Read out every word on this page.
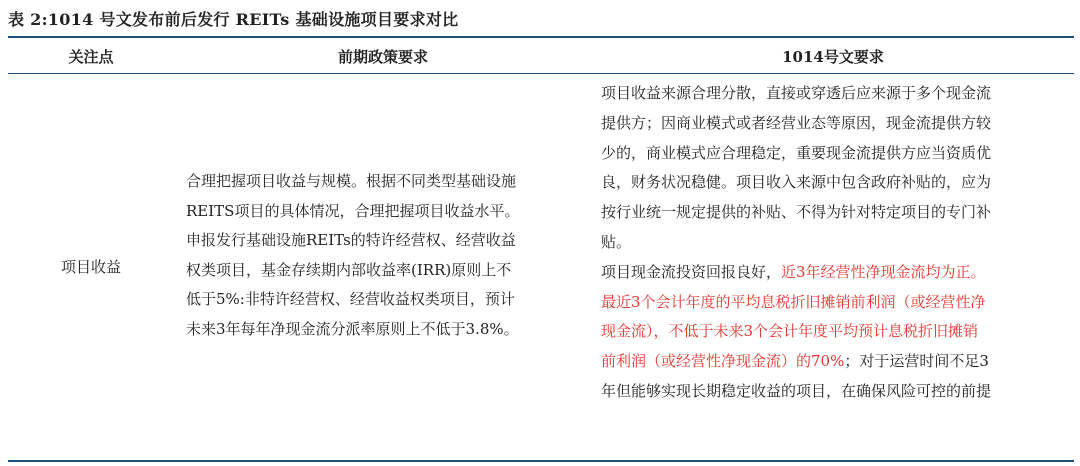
表 2:1014 号文发布前后发行 REITs 基础设施项目要求对比
关注点	前期政策要求	1014号文要求
项目收益
合理把握项目收益与规模。根据不同类型基础设施
REITS项目的具体情况，合理把握项目收益水平。
申报发行基础设施REITs的特许经营权、经营收益
权类项目，基金存续期内部收益率(IRR)原则上不
低于5%:非特许经营权、经营收益权类项目，预计
未来3年每年净现金流分派率原则上不低于3.8%。
项目收益来源合理分散，直接或穿透后应来源于多个现金流
提供方；因商业模式或者经营业态等原因，现金流提供方较
少的，商业模式应合理稳定，重要现金流提供方应当资质优
良，财务状况稳健。项目收入来源中包含政府补贴的，应为
按行业统一规定提供的补贴、不得为针对特定项目的专门补
贴。
项目现金流投资回报良好，近3年经营性净现金流均为正。
最近3个会计年度的平均息税折旧摊销前利润（或经营性净
现金流），不低于未来3个会计年度平均预计息税折旧摊销
前利润（或经营性净现金流）的70%；对于运营时间不足3
年但能够实现长期稳定收益的项目，在确保风险可控的前提
